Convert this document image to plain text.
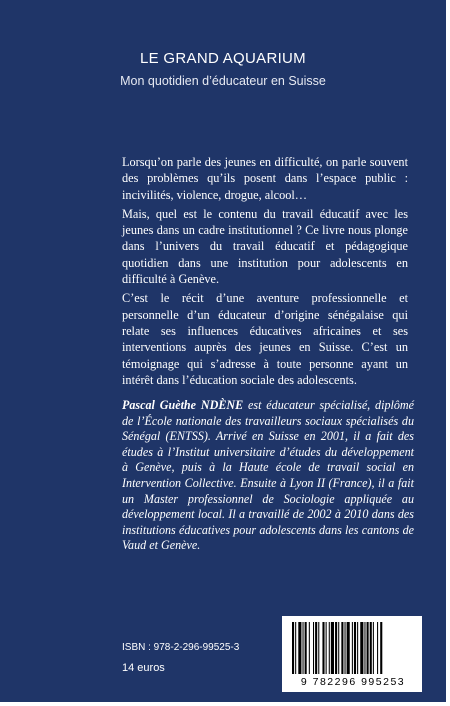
LE GRAND AQUARIUM
Mon quotidien d’éducateur en Suisse

Lorsqu’on parle des jeunes en difficulté, on parle souvent des problèmes qu’ils posent dans l’espace public : incivilités, violence, drogue, alcool…

Mais, quel est le contenu du travail éducatif avec les jeunes dans un cadre institutionnel ? Ce livre nous plonge dans l’univers du travail éducatif et pédagogique quotidien dans une institution pour adolescents en difficulté à Genève.

C’est le récit d’une aventure professionnelle et personnelle d’un éducateur d’origine sénégalaise qui relate ses influences éducatives africaines et ses interventions auprès des jeunes en Suisse. C’est un témoignage qui s’adresse à toute personne ayant un intérêt dans l’éducation sociale des adolescents.

Pascal Guèthe NDÈNE est éducateur spécialisé, diplômé de l’École nationale des travailleurs sociaux spécialisés du Sénégal (ENTSS). Arrivé en Suisse en 2001, il a fait des études à l’Institut universitaire d’études du développement à Genève, puis à la Haute école de travail social en Intervention Collective. Ensuite à Lyon II (France), il a fait un Master professionnel de Sociologie appliquée au développement local. Il a travaillé de 2002 à 2010 dans des institutions éducatives pour adolescents dans les cantons de Vaud et Genève.
ISBN : 978-2-296-99525-3
14 euros
9 782296 995253
